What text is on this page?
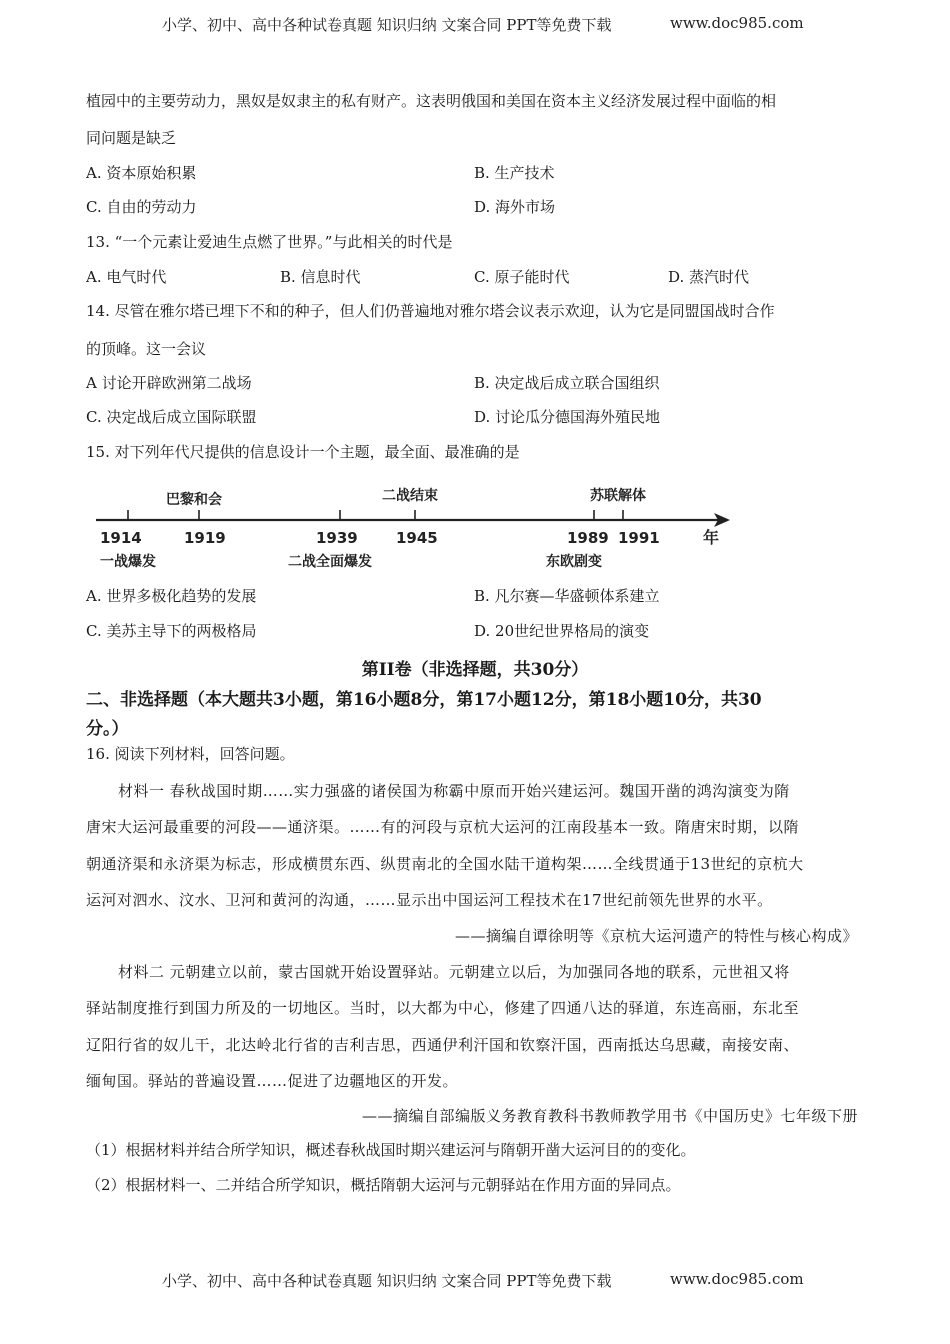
小学、初中、高中各种试卷真题 知识归纳 文案合同 PPT等免费下载	www.doc985.com
植园中的主要劳动力，黑奴是奴隶主的私有财产。这表明俄国和美国在资本主义经济发展过程中面临的相
同问题是缺乏
A. 资本原始积累	B. 生产技术
C. 自由的劳动力	D. 海外市场
13. “一个元素让爱迪生点燃了世界。”与此相关的时代是
A. 电气时代	B. 信息时代	C. 原子能时代	D. 蒸汽时代
14. 尽管在雅尔塔已埋下不和的种子，但人们仍普遍地对雅尔塔会议表示欢迎，认为它是同盟国战时合作
的顶峰。这一会议
A 讨论开辟欧洲第二战场	B. 决定战后成立联合国组织
C. 决定战后成立国际联盟	D. 讨论瓜分德国海外殖民地
15. 对下列年代尺提供的信息设计一个主题，最全面、最准确的是
1914	1919	1939	1945	1989 1991	年
巴黎和会	二战结束	苏联解体
一战爆发	二战全面爆发	东欧剧变
A. 世界多极化趋势的发展	B. 凡尔赛—华盛顿体系建立
C. 美苏主导下的两极格局	D. 20世纪世界格局的演变
第II卷（非选择题，共30分）
二、非选择题（本大题共3小题，第16小题8分，第17小题12分，第18小题10分，共30
分。）
16. 阅读下列材料，回答问题。
材料一 春秋战国时期……实力强盛的诸侯国为称霸中原而开始兴建运河。魏国开凿的鸿沟演变为隋
唐宋大运河最重要的河段——通济渠。……有的河段与京杭大运河的江南段基本一致。隋唐宋时期，以隋
朝通济渠和永济渠为标志，形成横贯东西、纵贯南北的全国水陆干道构架……全线贯通于13世纪的京杭大
运河对泗水、汶水、卫河和黄河的沟通，……显示出中国运河工程技术在17世纪前领先世界的水平。
——摘编自谭徐明等《京杭大运河遗产的特性与核心构成》
材料二 元朝建立以前，蒙古国就开始设置驿站。元朝建立以后，为加强同各地的联系，元世祖又将
驿站制度推行到国力所及的一切地区。当时，以大都为中心，修建了四通八达的驿道，东连高丽，东北至
辽阳行省的奴儿干，北达岭北行省的吉利吉思，西通伊利汗国和钦察汗国，西南抵达乌思藏，南接安南、
缅甸国。驿站的普遍设置……促进了边疆地区的开发。
——摘编自部编版义务教育教科书教师教学用书《中国历史》七年级下册
（1）根据材料并结合所学知识，概述春秋战国时期兴建运河与隋朝开凿大运河目的的变化。
（2）根据材料一、二并结合所学知识，概括隋朝大运河与元朝驿站在作用方面的异同点。
小学、初中、高中各种试卷真题 知识归纳 文案合同 PPT等免费下载	www.doc985.com
